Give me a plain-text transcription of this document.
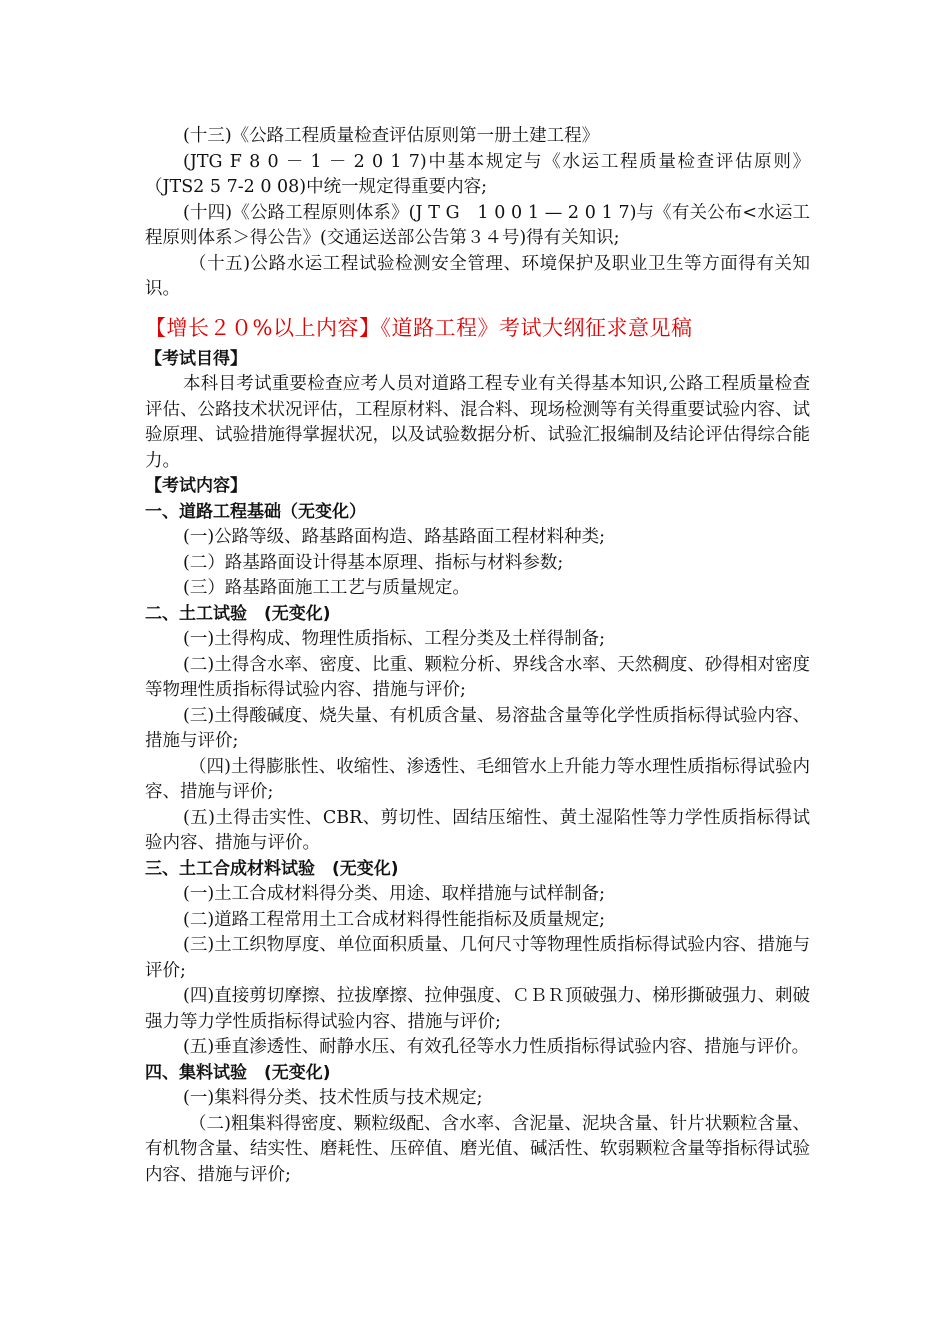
(十三)《公路工程质量检查评估原则第一册土建工程》

(JTG F 8 0 － 1 － 2 0 1 7)中基本规定与《水运工程质量检查评估原则》（JTS2 5 7-2 0 08)中统一规定得重要内容;

(十四)《公路工程原则体系》(J T G　1 0 0 1 — 2 0 1 7)与《有关公布<水运工程原则体系＞得公告》(交通运送部公告第３４号)得有关知识;

（十五)公路水运工程试验检测安全管理、环境保护及职业卫生等方面得有关知识。

【增长２０%以上内容】《道路工程》考试大纲征求意见稿

【考试目得】

本科目考试重要检查应考人员对道路工程专业有关得基本知识,公路工程质量检查评估、公路技术状况评估，工程原材料、混合料、现场检测等有关得重要试验内容、试验原理、试验措施得掌握状况，以及试验数据分析、试验汇报编制及结论评估得综合能力。

【考试内容】

一、道路工程基础（无变化）

(一)公路等级、路基路面构造、路基路面工程材料种类;

(二）路基路面设计得基本原理、指标与材料参数;

(三）路基路面施工工艺与质量规定。

二、土工试验　(无变化)

(一)土得构成、物理性质指标、工程分类及土样得制备;

(二)土得含水率、密度、比重、颗粒分析、界线含水率、天然稠度、砂得相对密度等物理性质指标得试验内容、措施与评价;

(三)土得酸碱度、烧失量、有机质含量、易溶盐含量等化学性质指标得试验内容、措施与评价;

（四)土得膨胀性、收缩性、渗透性、毛细管水上升能力等水理性质指标得试验内容、措施与评价;

(五)土得击实性、CBR、剪切性、固结压缩性、黄土湿陷性等力学性质指标得试验内容、措施与评价。

三、土工合成材料试验　(无变化)

(一)土工合成材料得分类、用途、取样措施与试样制备;

(二)道路工程常用土工合成材料得性能指标及质量规定;

(三)土工织物厚度、单位面积质量、几何尺寸等物理性质指标得试验内容、措施与评价;

(四)直接剪切摩擦、拉拔摩擦、拉伸强度、ＣＢＲ顶破强力、梯形撕破强力、刺破强力等力学性质指标得试验内容、措施与评价;

(五)垂直渗透性、耐静水压、有效孔径等水力性质指标得试验内容、措施与评价。

四、集料试验　(无变化)

(一)集料得分类、技术性质与技术规定;

（二)粗集料得密度、颗粒级配、含水率、含泥量、泥块含量、针片状颗粒含量、有机物含量、结实性、磨耗性、压碎值、磨光值、碱活性、软弱颗粒含量等指标得试验内容、措施与评价;
